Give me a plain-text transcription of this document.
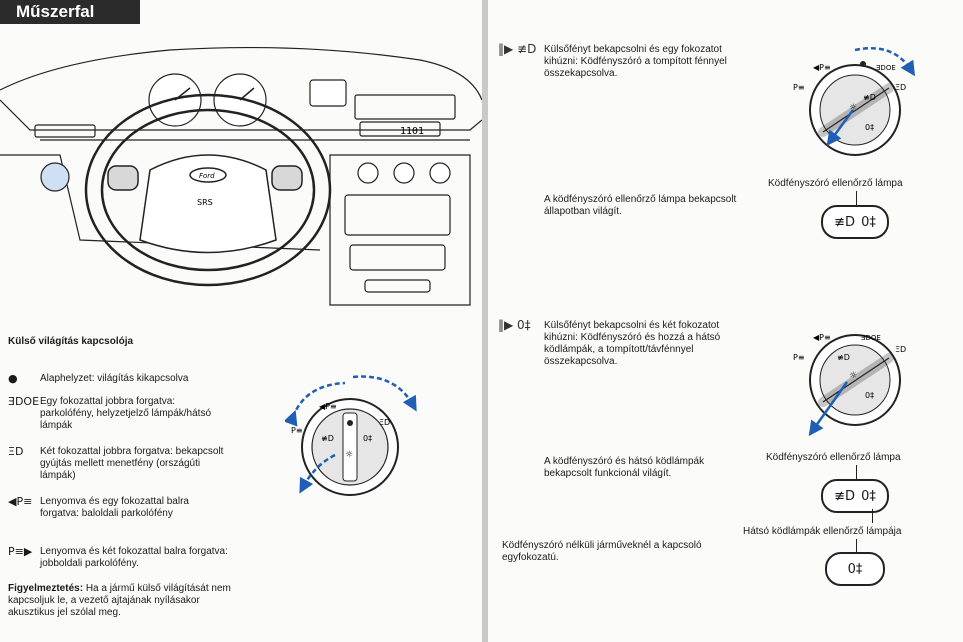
Műszerfal
Ford
SRS
1101
Külső világítás kapcsolója
●	Alaphelyzet: világítás kikapcsolva
ƎDOE Egy fokozattal jobbra forgatva: parkolófény, helyzetjelző lámpák/hátsó lámpák
ΞD	Két fokozattal jobbra forgatva: bekapcsolt gyújtás mellett menetfény (országúti lámpák)
◀P≡ Lenyomva és egy fokozattal balra forgatva: baloldali parkolófény
P≡▶ Lenyomva és két fokozattal balra forgatva: jobboldali parkolófény.
Figyelmeztetés: Ha a jármű külső világítását nem kapcsoljuk le, a vezető ajtajának nyílásakor akusztikus jel szólal meg.
≢D	0‡
☼
P≡
◀P≡
ΞD
‖▶ ≢D Külsőfényt bekapcsolni és egy fokozatot kihúzni: Ködfényszóró a tompított fénnyel összekapcsolva.
A ködfényszóró ellenőrző lámpa bekapcsolt állapotban világít.
P≡
◀P≡	ƎDOE
ΞD
☼
0‡
≢D
Ködfényszóró ellenőrző lámpa
≢D 0‡
‖▶ 0‡ Külsőfényt bekapcsolni és két fokozatot kihúzni: Ködfényszóró és hozzá a hátsó ködlámpák, a tompított/távfénnyel összekapcsolva.
A ködfényszóró és hátsó ködlámpák bekapcsolt funkcionál világít.
P≡
◀P≡	ƎDOE
ΞD
☼
0‡
≢D
Ködfényszóró ellenőrző lámpa
≢D 0‡
Hátsó ködlámpák ellenőrző lámpája
0‡
Ködfényszóró nélküli járműveknél a kapcsoló egyfokozatú.
